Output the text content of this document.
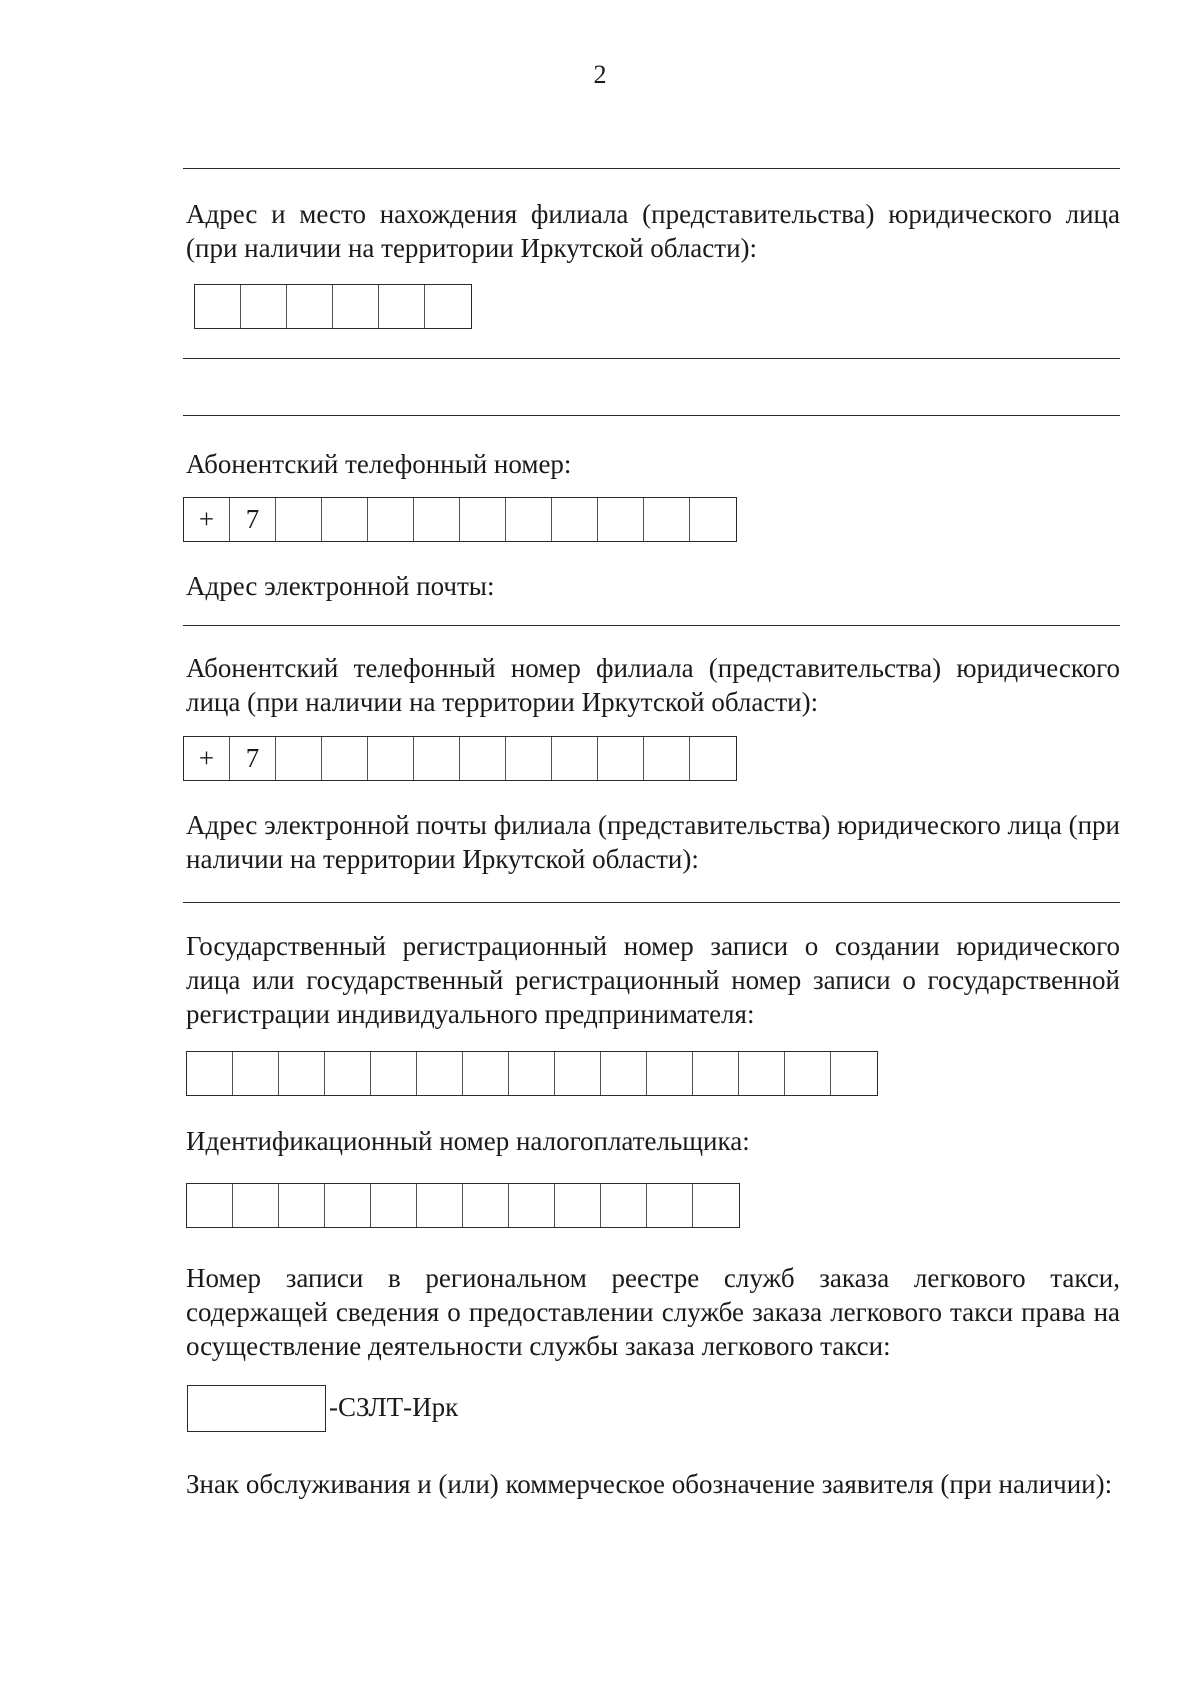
2

Адрес и место нахождения филиала (представительства) юридического лица (при наличии на территории Иркутской области):

Абонентский телефонный номер:

+	7

Адрес электронной почты:

Абонентский телефонный номер филиала (представительства) юридического лица (при наличии на территории Иркутской области):

+	7

Адрес электронной почты филиала (представительства) юридического лица (при наличии на территории Иркутской области):

Государственный регистрационный номер записи о создании юридического лица или государственный регистрационный номер записи о государственной регистрации индивидуального предпринимателя:

Идентификационный номер налогоплательщика:

Номер записи в региональном реестре служб заказа легкового такси, содержащей сведения о предоставлении службе заказа легкового такси права на осуществление деятельности службы заказа легкового такси:

-СЗЛТ-Ирк

Знак обслуживания и (или) коммерческое обозначение заявителя (при наличии):
